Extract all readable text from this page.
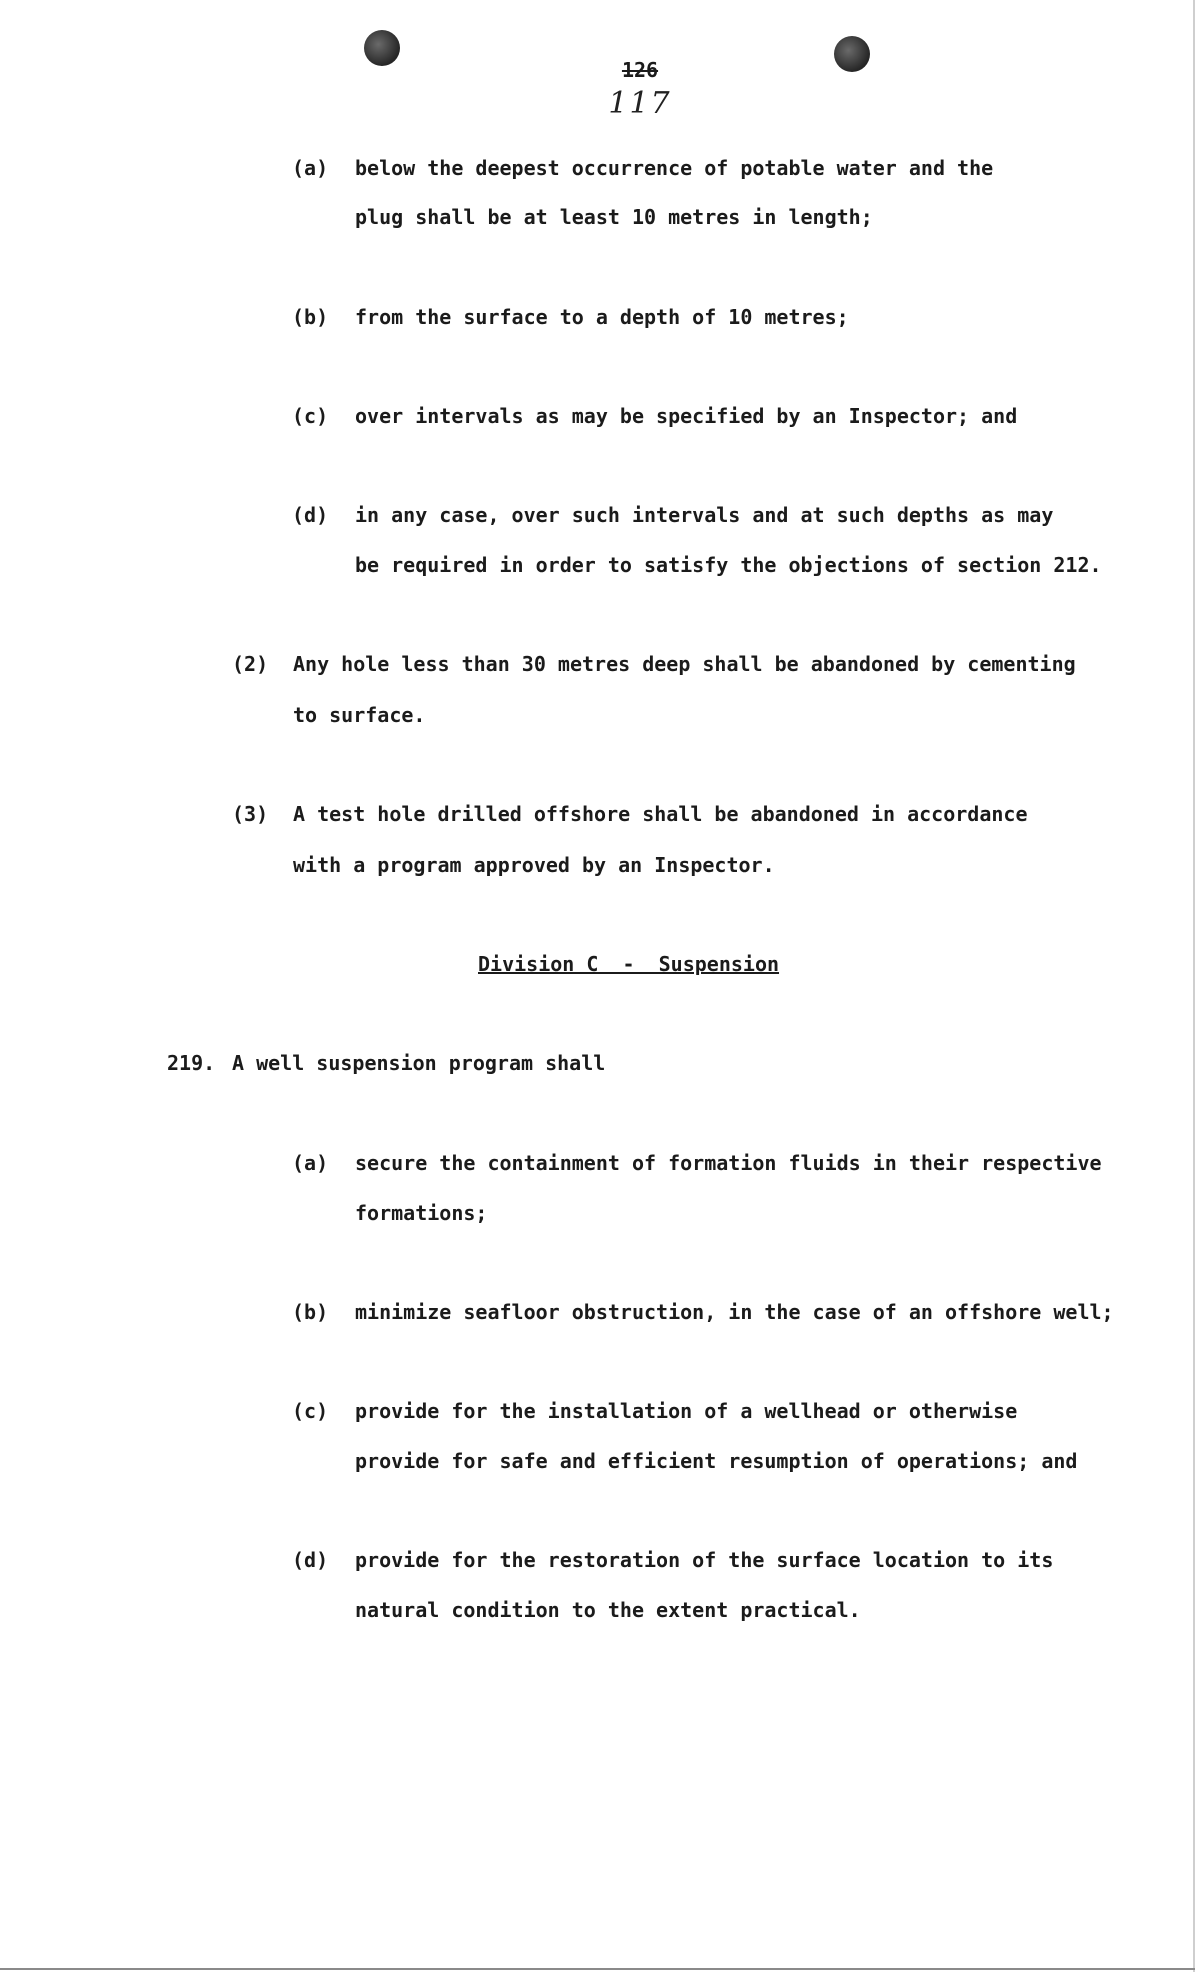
126
117
(a) below the deepest occurrence of potable water and the
plug shall be at least 10 metres in length;
(b) from the surface to a depth of 10 metres;
(c) over intervals as may be specified by an Inspector; and
(d) in any case, over such intervals and at such depths as may
be required in order to satisfy the objections of section 212.
(2) Any hole less than 30 metres deep shall be abandoned by cementing
to surface.
(3) A test hole drilled offshore shall be abandoned in accordance
with a program approved by an Inspector.
Division C  -  Suspension
219. A well suspension program shall
(a) secure the containment of formation fluids in their respective
formations;
(b) minimize seafloor obstruction, in the case of an offshore well;
(c) provide for the installation of a wellhead or otherwise
provide for safe and efficient resumption of operations; and
(d) provide for the restoration of the surface location to its
natural condition to the extent practical.
